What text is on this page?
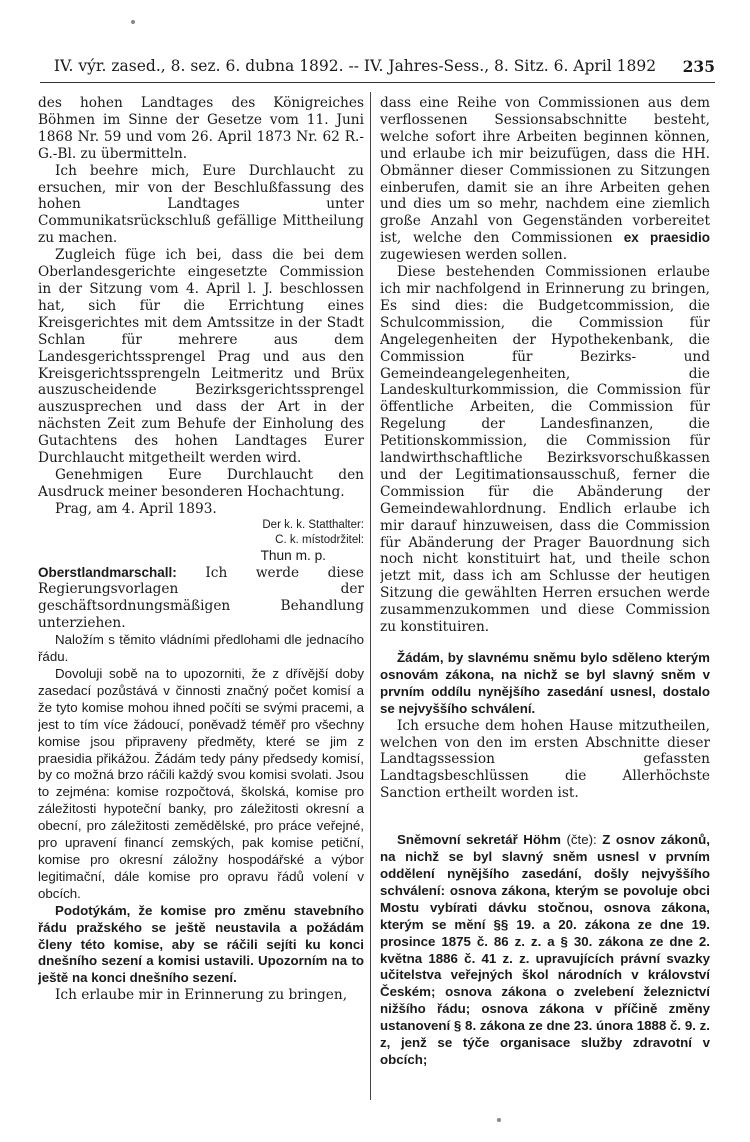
IV. výr. zased., 8. sez. 6. dubna 1892. -- IV. Jahres-Sess., 8. Sitz. 6. April 1892	235

des hohen Landtages des Königreiches Böhmen im Sinne der Gesetze vom 11. Juni 1868 Nr. 59 und vom 26. April 1873 Nr. 62 R.-G.-Bl. zu übermitteln.

Ich beehre mich, Eure Durchlaucht zu ersuchen, mir von der Beschlußfassung des hohen Landtages unter Communikatsrückschluß gefällige Mittheilung zu machen.

Zugleich füge ich bei, dass die bei dem Oberlandesgerichte eingesetzte Commission in der Sitzung vom 4. April l. J. beschlossen hat, sich für die Errichtung eines Kreisgerichtes mit dem Amtssitze in der Stadt Schlan für mehrere aus dem Landesgerichtssprengel Prag und aus den Kreisgerichtssprengeln Leitmeritz und Brüx auszuscheidende Bezirksgerichtssprengel auszusprechen und dass der Art in der nächsten Zeit zum Behufe der Einholung des Gutachtens des hohen Landtages Eurer Durchlaucht mitgetheilt werden wird.

Genehmigen Eure Durchlaucht den Ausdruck meiner besonderen Hochachtung.

Prag, am 4. April 1893.

Der k. k. Statthalter:

C. k. místodržitel:

Thun m. p.

Oberstlandmarschall: Ich werde diese Regierungsvorlagen der geschäftsordnungsmäßigen Behandlung unterziehen.

Naložím s těmito vládními předlohami dle jednacího řádu.

Dovoluji sobě na to upozorniti, že z dřívější doby zasedací pozůstává v činnosti značný počet komisí a že tyto komise mohou ihned počíti se svými pracemi, a jest to tím více žádoucí, poněvadž téměř pro všechny komise jsou připraveny předměty, které se jim z praesidia přikážou. Žádám tedy pány předsedy komisí, by co možná brzo ráčili každý svou komisi svolati. Jsou to zejména: komise rozpočtová, školská, komise pro záležitosti hypoteční banky, pro záležitosti okresní a obecní, pro záležitosti zemědělské, pro práce veřejné, pro upravení financí zemských, pak komise petiční, komise pro okresní záložny hospodářské a výbor legitimační, dále komise pro opravu řádů volení v obcích.

Podotýkám, že komise pro změnu stavebního řádu pražského se ještě neustavila a požádám členy této komise, aby se ráčili sejíti ku konci dnešního sezení a komisi ustavili. Upozorním na to ještě na konci dnešního sezení.

Ich erlaube mir in Erinnerung zu bringen,

dass eine Reihe von Commissionen aus dem verflossenen Sessionsabschnitte besteht, welche sofort ihre Arbeiten beginnen können, und erlaube ich mir beizufügen, dass die HH. Obmänner dieser Commissionen zu Sitzungen einberufen, damit sie an ihre Arbeiten gehen und dies um so mehr, nachdem eine ziemlich große Anzahl von Gegenständen vorbereitet ist, welche den Commissionen ex praesidio zugewiesen werden sollen.

Diese bestehenden Commissionen erlaube ich mir nachfolgend in Erinnerung zu bringen, Es sind dies: die Budgetcommission, die Schulcommission, die Commission für Angelegenheiten der Hypothekenbank, die Commission für Bezirks- und Gemeindeangelegenheiten, die Landeskulturkommission, die Commission für öffentliche Arbeiten, die Commission für Regelung der Landesfinanzen, die Petitionskommission, die Commission für landwirthschaftliche Bezirksvorschußkassen und der Legitimationsausschuß, ferner die Commission für die Abänderung der Gemeindewahlordnung. Endlich erlaube ich mir darauf hinzuweisen, dass die Commission für Abänderung der Prager Bauordnung sich noch nicht konstituirt hat, und theile schon jetzt mit, dass ich am Schlusse der heutigen Sitzung die gewählten Herren ersuchen werde zusammenzukommen und diese Commission zu konstituiren.

Žádám, by slavnému sněmu bylo sděleno kterým osnovám zákona, na nichž se byl slavný sněm v prvním oddílu nynějšího zasedání usnesl, dostalo se nejvyššího schválení.

Ich ersuche dem hohen Hause mitzutheilen, welchen von den im ersten Abschnitte dieser Landtagssession gefassten Landtagsbeschlüssen die Allerhöchste Sanction ertheilt worden ist.

Sněmovní sekretář Höhm (čte): Z osnov zákonů, na nichž se byl slavný sněm usnesl v prvním oddělení nynějšího zasedání, došly nejvyššího schválení: osnova zákona, kterým se povoluje obci Mostu vybírati dávku stočnou, osnova zákona, kterým se mění §§ 19. a 20. zákona ze dne 19. prosince 1875 č. 86 z. z. a § 30. zákona ze dne 2. května 1886 č. 41 z. z. upravujících právní svazky učitelstva veřejných škol národních v království Českém; osnova zákona o zvelebení železnictví nižšího řádu; osnova zákona v příčině změny ustanovení § 8. zákona ze dne 23. února 1888 č. 9. z. z, jenž se týče organisace služby zdravotní v obcích;
